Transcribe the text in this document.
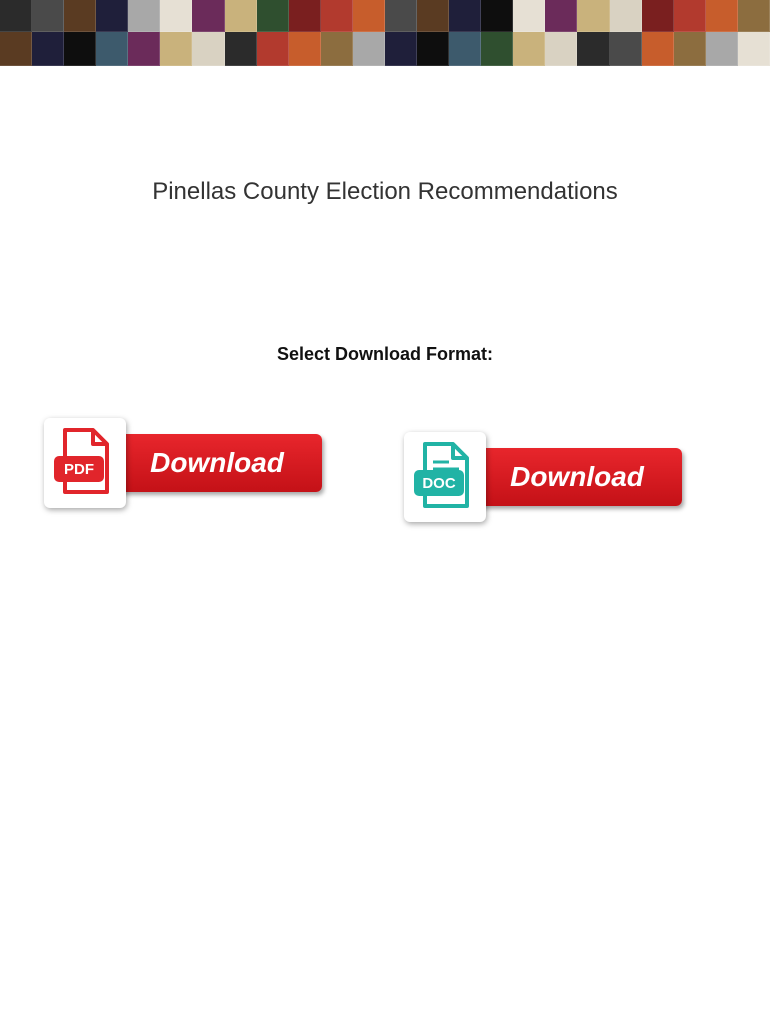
Pinellas County Election Recommendations

Select Download Format:

PDF	Download
DOC	Download
